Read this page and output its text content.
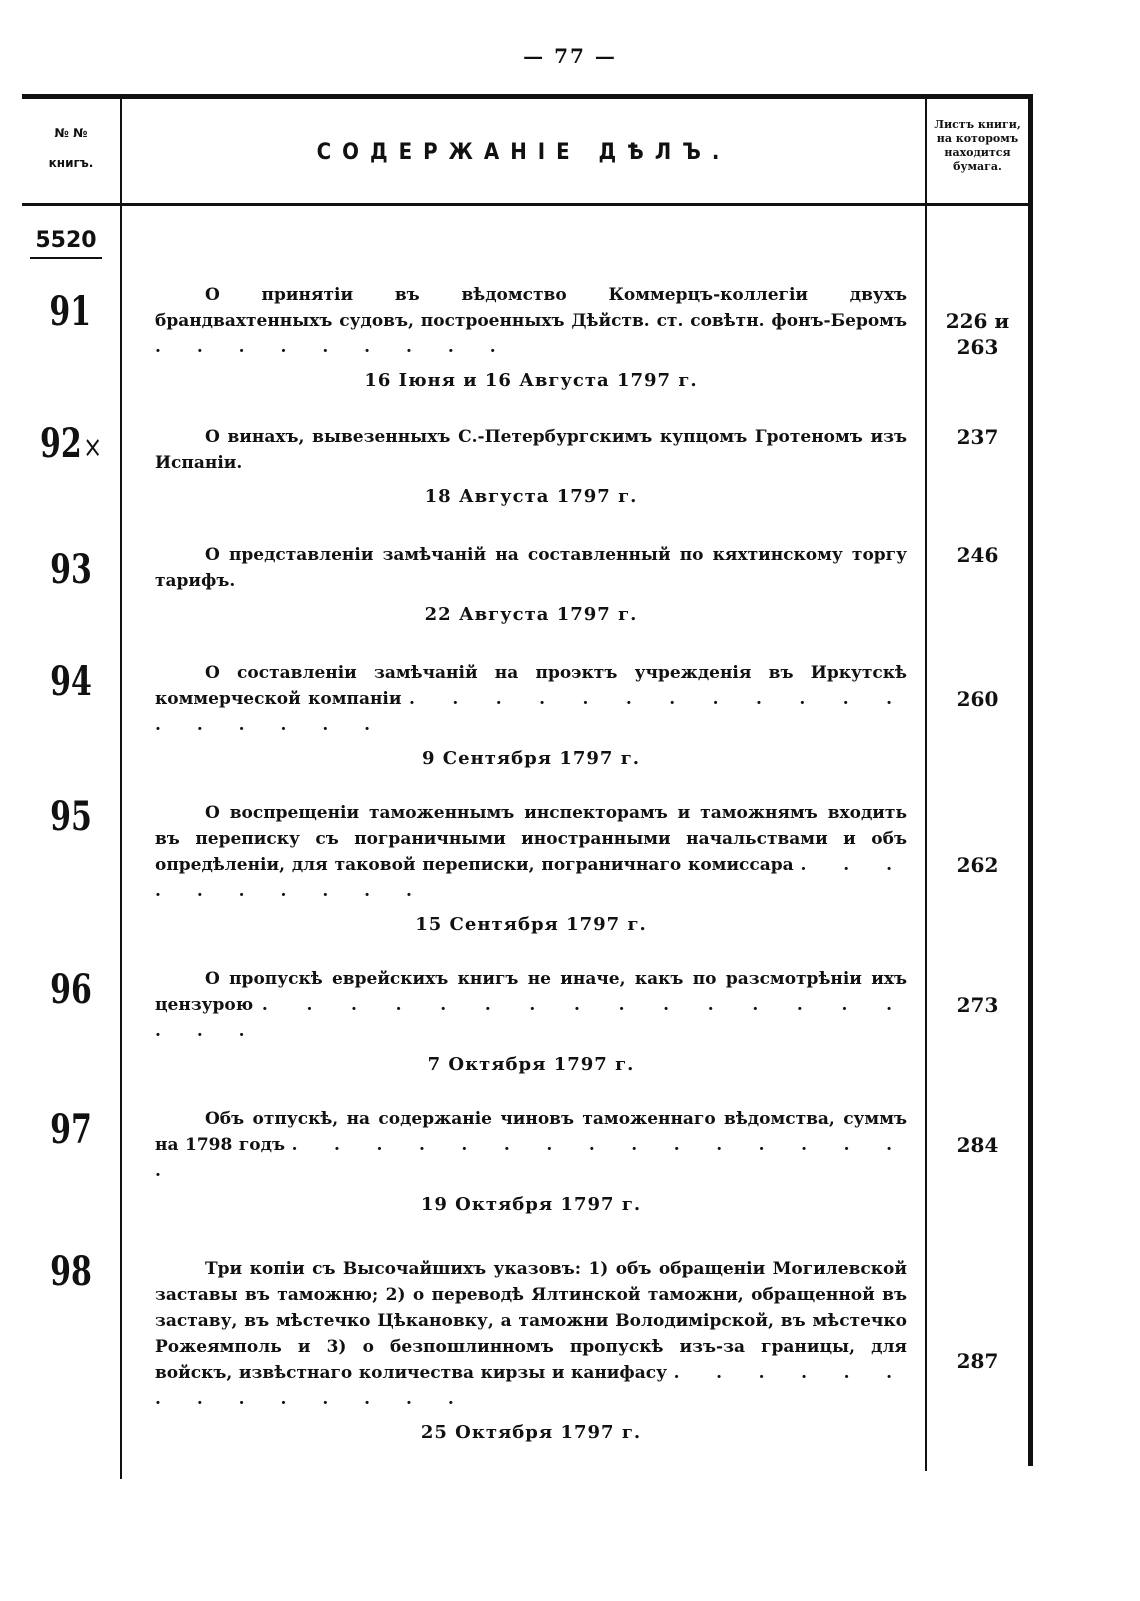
— 77 —
№ №
книгъ.	СОДЕРЖАНІЕ ДѢЛЪ.
Листъ книги,
на которомъ
находится
бумага.
5520
91	О принятіи въ вѣдомство Коммерцъ-коллегіи двухъ брандвахтенныхъ судовъ, построенныхъ Дѣйств. ст. совѣтн. фонъ-Беромъ . . . . . . . . .
16 Іюня и 16 Августа 1797 г.
226 и 263
92×	О винахъ, вывезенныхъ С.-Петербургскимъ купцомъ Гротеномъ изъ Испаніи.
18 Августа 1797 г.
237
93	О представленіи замѣчаній на составленный по кяхтинскому торгу тарифъ.
22 Августа 1797 г.
246
94	О составленіи замѣчаній на проэктъ учрежденія въ Иркутскѣ коммерческой компаніи . . . . . . . . . . . . . . . . . .
9 Сентября 1797 г.
260
95	О воспрещеніи таможеннымъ инспекторамъ и таможнямъ входить въ переписку съ пограничными иностранными начальствами и объ опредѣленіи, для таковой переписки, пограничнаго комиссара . . . . . . . . . .
15 Сентября 1797 г.
262
96	О пропускѣ еврейскихъ книгъ не иначе, какъ по разсмотрѣніи ихъ цензурою . . . . . . . . . . . . . . . . . .
7 Октября 1797 г.
273
97	Объ отпускѣ, на содержаніе чиновъ таможеннаго вѣдомства, суммъ на 1798 годъ . . . . . . . . . . . . . . . .
19 Октября 1797 г.
284
98	Три копіи съ Высочайшихъ указовъ: 1) объ обращеніи Могилевской заставы въ таможню; 2) о переводѣ Ялтинской таможни, обращенной въ заставу, въ мѣстечко Цѣкановку, а таможни Володимірской, въ мѣстечко Рожеямполь и 3) о безпошлинномъ пропускѣ изъ-за границы, для войскъ, извѣстнаго количества кирзы и канифасу . . . . . . . . . . . . . .
25 Октября 1797 г.
287
